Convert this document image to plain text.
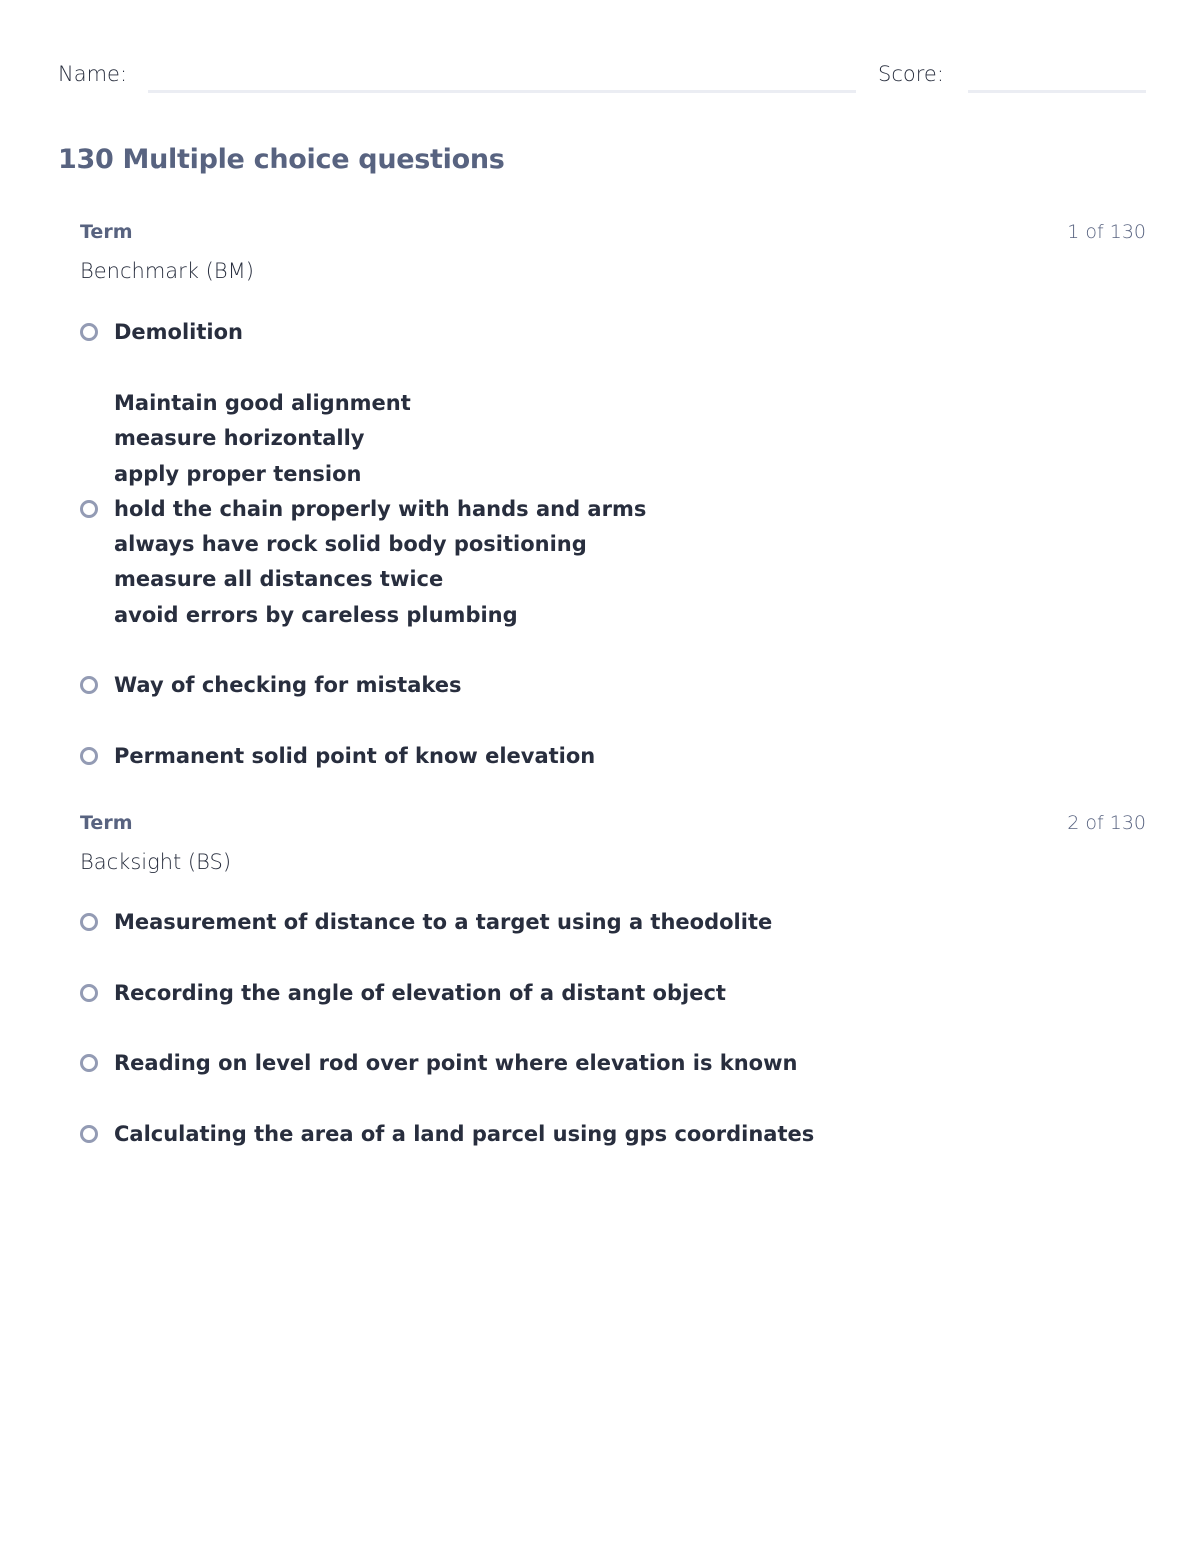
Name:	Score:
130 Multiple choice questions
Term	1 of 130
Benchmark (BM)
Demolition
Maintain good alignment
measure horizontally
apply proper tension
hold the chain properly with hands and arms
always have rock solid body positioning
measure all distances twice
avoid errors by careless plumbing
Way of checking for mistakes
Permanent solid point of know elevation
Term	2 of 130
Backsight (BS)
Measurement of distance to a target using a theodolite
Recording the angle of elevation of a distant object
Reading on level rod over point where elevation is known
Calculating the area of a land parcel using gps coordinates
